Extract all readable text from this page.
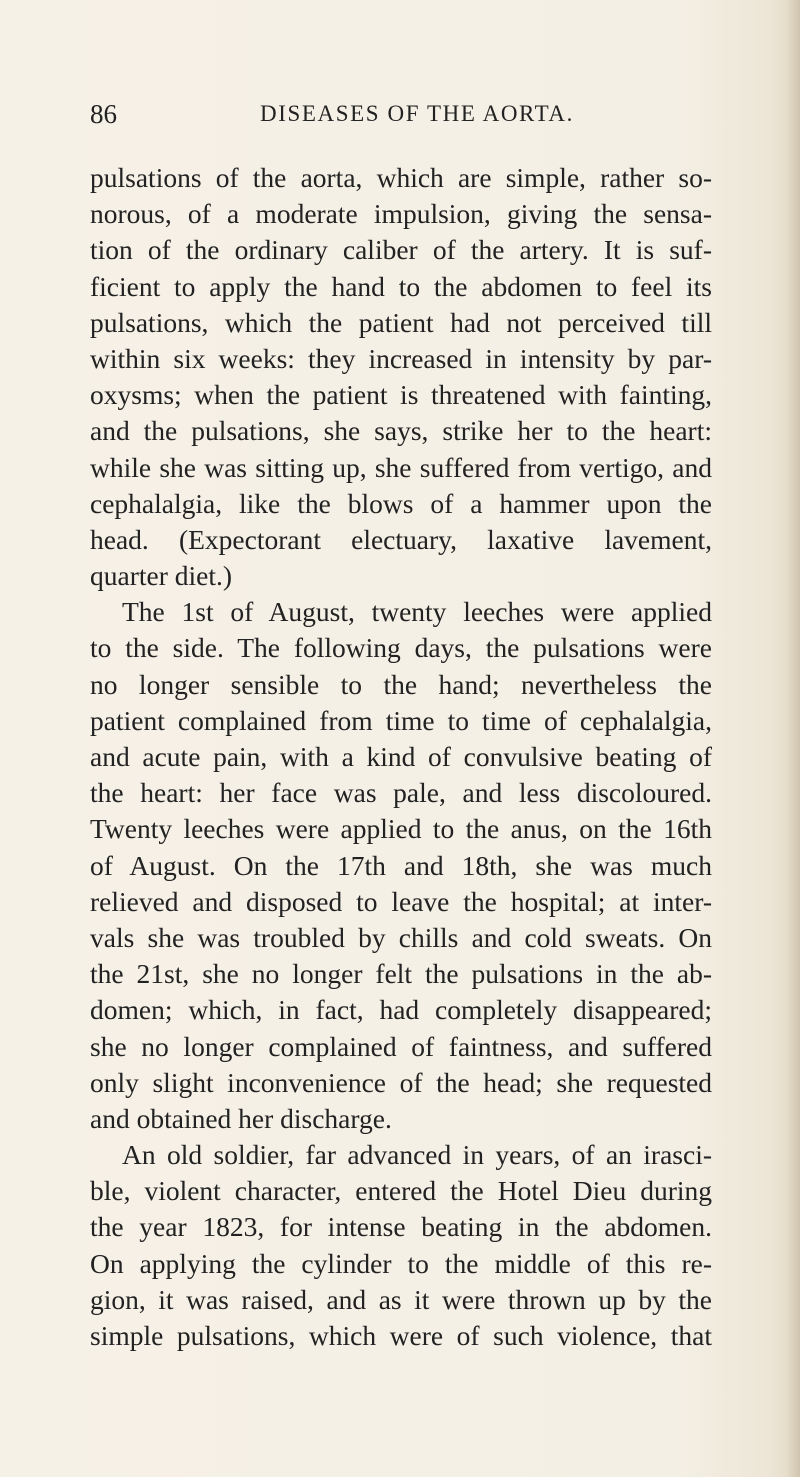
86	DISEASES OF THE AORTA.
pulsations of the aorta, which are simple, rather so-
norous, of a moderate impulsion, giving the sensa-
tion of the ordinary caliber of the artery. It is suf-
ficient to apply the hand to the abdomen to feel its
pulsations, which the patient had not perceived till
within six weeks: they increased in intensity by par-
oxysms; when the patient is threatened with fainting,
and the pulsations, she says, strike her to the heart:
while she was sitting up, she suffered from vertigo, and
cephalalgia, like the blows of a hammer upon the
head. (Expectorant electuary, laxative lavement,
quarter diet.)
The 1st of August, twenty leeches were applied
to the side. The following days, the pulsations were
no longer sensible to the hand; nevertheless the
patient complained from time to time of cephalalgia,
and acute pain, with a kind of convulsive beating of
the heart: her face was pale, and less discoloured.
Twenty leeches were applied to the anus, on the 16th
of August. On the 17th and 18th, she was much
relieved and disposed to leave the hospital; at inter-
vals she was troubled by chills and cold sweats. On
the 21st, she no longer felt the pulsations in the ab-
domen; which, in fact, had completely disappeared;
she no longer complained of faintness, and suffered
only slight inconvenience of the head; she requested
and obtained her discharge.
An old soldier, far advanced in years, of an irasci-
ble, violent character, entered the Hotel Dieu during
the year 1823, for intense beating in the abdomen.
On applying the cylinder to the middle of this re-
gion, it was raised, and as it were thrown up by the
simple pulsations, which were of such violence, that
